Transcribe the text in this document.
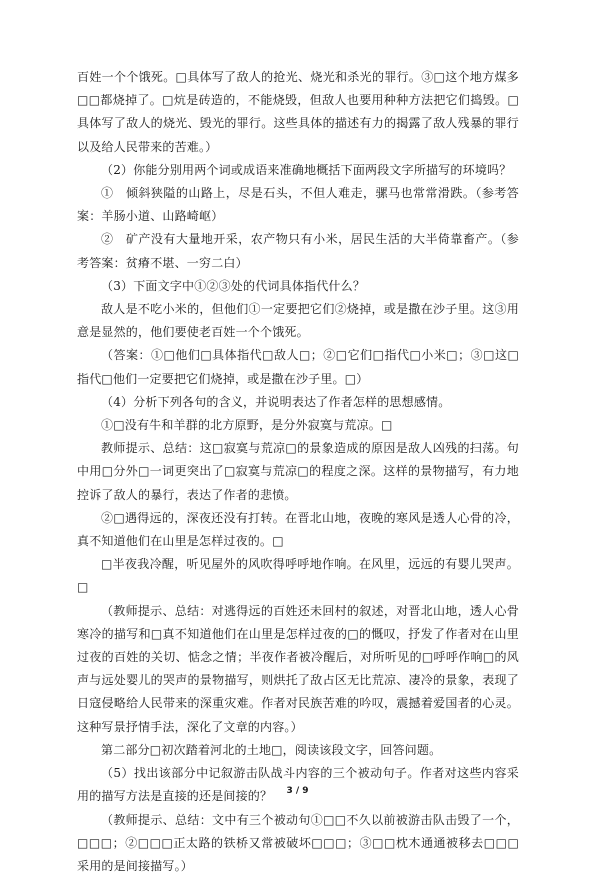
百姓一个个饿死。□具体写了敌人的抢光、烧光和杀光的罪行。③□这个地方煤多□□都烧掉了。□炕是砖造的，不能烧毁，但敌人也要用种种方法把它们捣毁。□具体写了敌人的烧光、毁光的罪行。这些具体的描述有力的揭露了敌人残暴的罪行以及给人民带来的苦难。）

（2）你能分别用两个词或成语来准确地概括下面两段文字所描写的环境吗？

①　倾斜狭隘的山路上，尽是石头，不但人难走，骡马也常常滑跌。（参考答案：羊肠小道、山路崎岖）

②　矿产没有大量地开采，农产物只有小米，居民生活的大半倚靠畜产。（参考答案：贫瘠不堪、一穷二白）

（3）下面文字中①②③处的代词具体指代什么？

敌人是不吃小米的，但他们①一定要把它们②烧掉，或是撒在沙子里。这③用意是显然的，他们要使老百姓一个个饿死。

（答案：①□他们□具体指代□敌人□；②□它们□指代□小米□；③□这□指代□他们一定要把它们烧掉，或是撒在沙子里。□）

（4）分析下列各句的含义，并说明表达了作者怎样的思想感情。

①□没有牛和羊群的北方原野，是分外寂寞与荒凉。□

教师提示、总结：这□寂寞与荒凉□的景象造成的原因是敌人凶残的扫荡。句中用□分外□一词更突出了□寂寞与荒凉□的程度之深。这样的景物描写，有力地控诉了敌人的暴行，表达了作者的悲愤。

②□遇得远的，深夜还没有打转。在晋北山地，夜晚的寒风是透人心骨的冷，真不知道他们在山里是怎样过夜的。□

□半夜我冷醒，听见屋外的风吹得呼呼地作响。在风里，远远的有婴儿哭声。□

（教师提示、总结：对逃得远的百姓还未回村的叙述，对晋北山地，透人心骨寒冷的描写和□真不知道他们在山里是怎样过夜的□的慨叹，抒发了作者对在山里过夜的百姓的关切、惦念之情；半夜作者被冷醒后，对所听见的□呼呼作响□的风声与远处婴儿的哭声的景物描写，则烘托了敌占区无比荒凉、凄冷的景象，表现了日寇侵略给人民带来的深重灾难。作者对民族苦难的吟叹，震撼着爱国者的心灵。这种写景抒情手法，深化了文章的内容。）

第二部分□初次踏着河北的土地□，阅读该段文字，回答问题。

（5）找出该部分中记叙游击队战斗内容的三个被动句子。作者对这些内容采用的描写方法是直接的还是间接的？

（教师提示、总结：文中有三个被动句①□□不久以前被游击队击毁了一个，□□□；②□□□正太路的铁桥又常被破坏□□□；③□□枕木通通被移去□□□采用的是间接描写。）

3 / 9
